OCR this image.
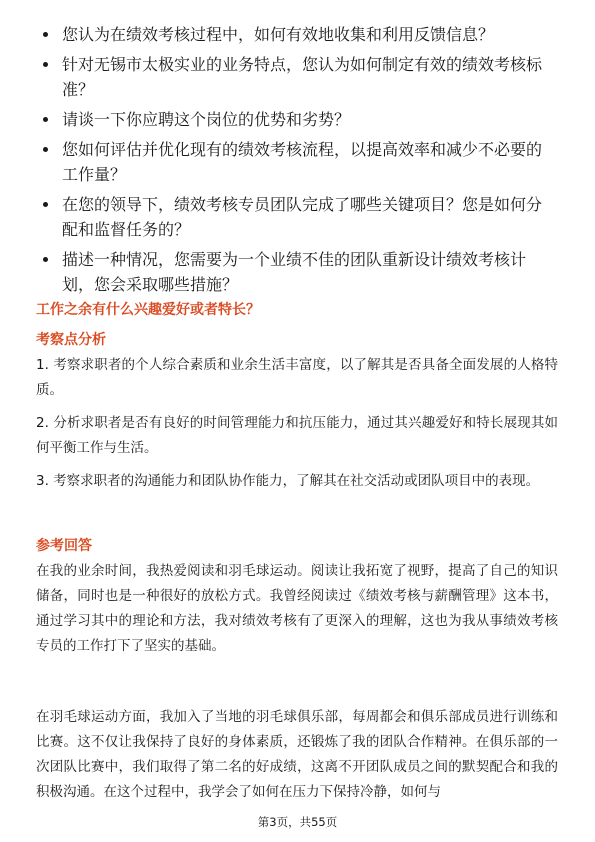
您认为在绩效考核过程中，如何有效地收集和利用反馈信息？
针对无锡市太极实业的业务特点，您认为如何制定有效的绩效考核标准？
请谈一下你应聘这个岗位的优势和劣势？
您如何评估并优化现有的绩效考核流程，以提高效率和减少不必要的工作量？
在您的领导下，绩效考核专员团队完成了哪些关键项目？您是如何分配和监督任务的？
描述一种情况，您需要为一个业绩不佳的团队重新设计绩效考核计划，您会采取哪些措施？
工作之余有什么兴趣爱好或者特长？
考察点分析
1. 考察求职者的个人综合素质和业余生活丰富度，以了解其是否具备全面发展的人格特质。
2. 分析求职者是否有良好的时间管理能力和抗压能力，通过其兴趣爱好和特长展现其如何平衡工作与生活。
3. 考察求职者的沟通能力和团队协作能力，了解其在社交活动或团队项目中的表现。
参考回答
在我的业余时间，我热爱阅读和羽毛球运动。阅读让我拓宽了视野，提高了自己的知识储备，同时也是一种很好的放松方式。我曾经阅读过《绩效考核与薪酬管理》这本书，通过学习其中的理论和方法，我对绩效考核有了更深入的理解，这也为我从事绩效考核专员的工作打下了坚实的基础。
在羽毛球运动方面，我加入了当地的羽毛球俱乐部，每周都会和俱乐部成员进行训练和比赛。这不仅让我保持了良好的身体素质，还锻炼了我的团队合作精神。在俱乐部的一次团队比赛中，我们取得了第二名的好成绩，这离不开团队成员之间的默契配合和我的积极沟通。在这个过程中，我学会了如何在压力下保持冷静，如何与
第3页，共55页
